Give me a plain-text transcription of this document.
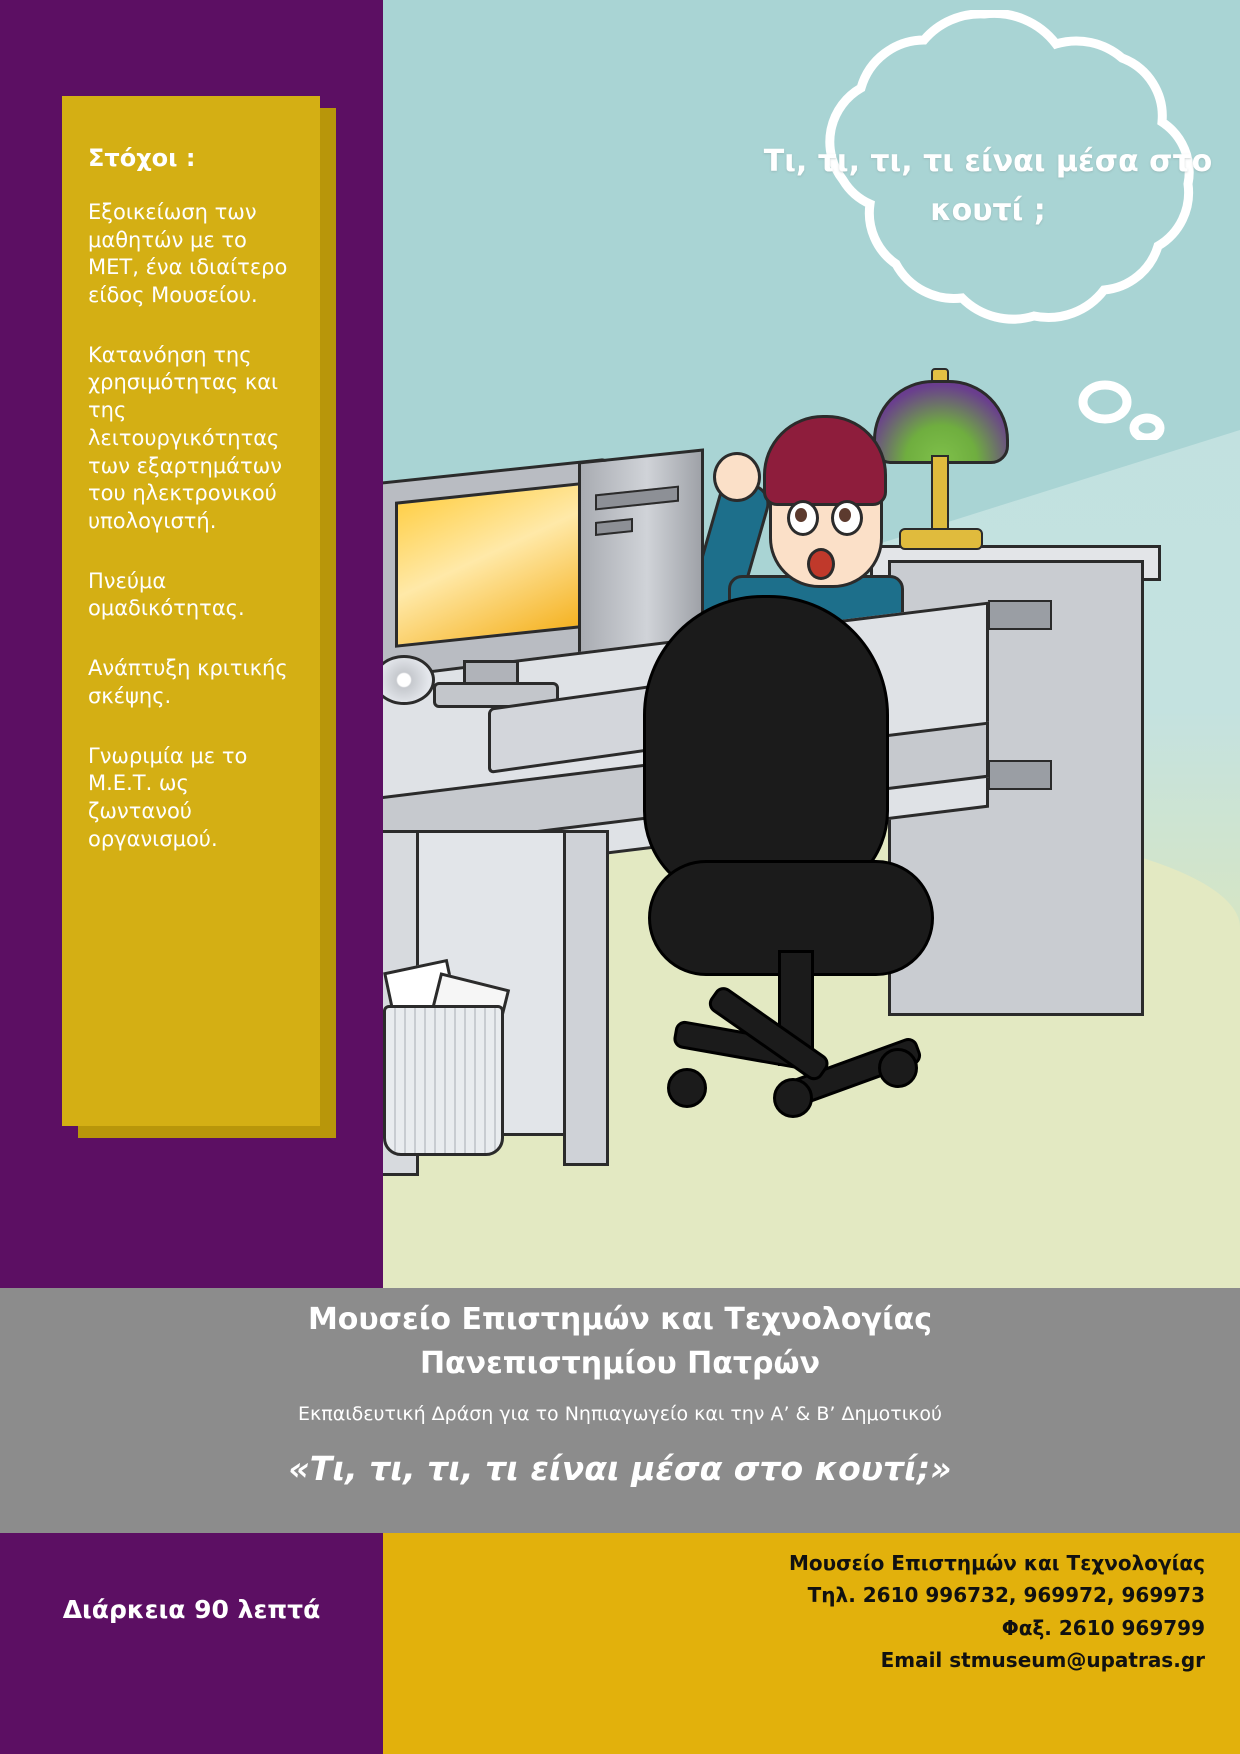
Τι, τι, τι, τι είναι μέσα στο κουτί ;
Στόχοι :

Εξοικείωση των μαθητών με το ΜΕΤ, ένα ιδιαίτερο είδος Μουσείου.

Κατανόηση της χρησιμότητας και της λειτουργικότητας των εξαρτημάτων του ηλεκτρονικού υπολογιστή.

Πνεύμα ομαδικότητας.

Ανάπτυξη κριτικής σκέψης.

Γνωριμία με το Μ.Ε.Τ. ως ζωντανού οργανισμού.

Μουσείο Επιστημών και Τεχνολογίας
Πανεπιστημίου Πατρών
Εκπαιδευτική Δράση για το Νηπιαγωγείο και την Α’ & Β’ Δημοτικού
«Τι, τι, τι, τι είναι μέσα στο κουτί;»
Διάρκεια 90 λεπτά
Μουσείο Επιστημών και Τεχνολογίας
Τηλ. 2610 996732, 969972, 969973
Φαξ. 2610 969799
Email stmuseum@upatras.gr
